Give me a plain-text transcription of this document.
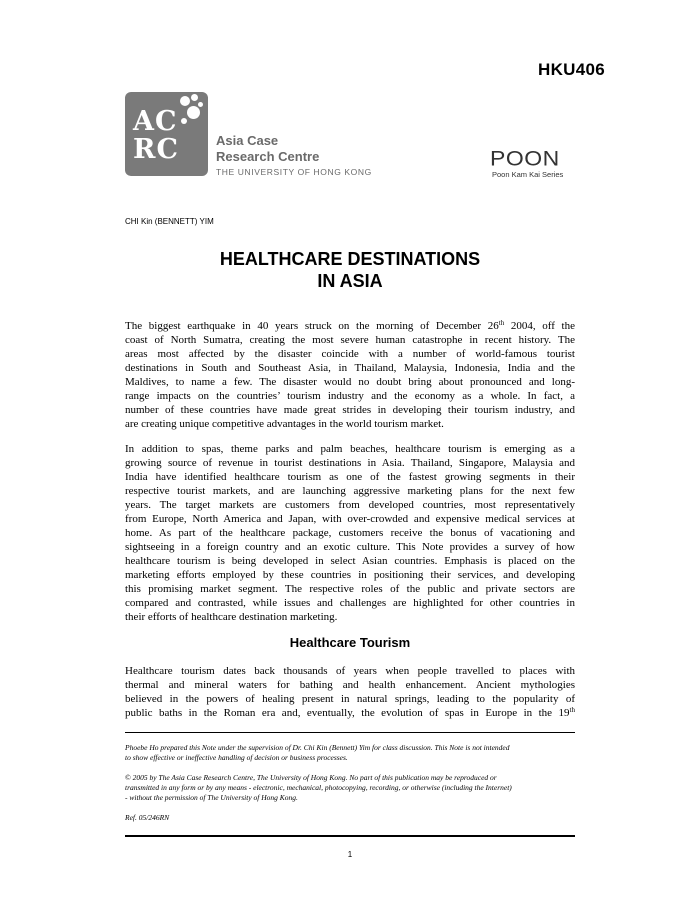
HKU406
AC
RC	Asia Case
Research Centre
THE UNIVERSITY OF HONG KONG
POON
Poon Kam Kai Series
CHI Kin (BENNETT) YIM
HEALTHCARE DESTINATIONS
IN ASIA
The biggest earthquake in 40 years struck on the morning of December 26th 2004, off the
coast of North Sumatra, creating the most severe human catastrophe in recent history. The
areas most affected by the disaster coincide with a number of world-famous tourist
destinations in South and Southeast Asia, in Thailand, Malaysia, Indonesia, India and the
Maldives, to name a few. The disaster would no doubt bring about pronounced and long-
range impacts on the countries’ tourism industry and the economy as a whole. In fact, a
number of these countries have made great strides in developing their tourism industry, and
are creating unique competitive advantages in the world tourism market.
In addition to spas, theme parks and palm beaches, healthcare tourism is emerging as a
growing source of revenue in tourist destinations in Asia. Thailand, Singapore, Malaysia and
India have identified healthcare tourism as one of the fastest growing segments in their
respective tourist markets, and are launching aggressive marketing plans for the next few
years. The target markets are customers from developed countries, most representatively
from Europe, North America and Japan, with over-crowded and expensive medical services at
home. As part of the healthcare package, customers receive the bonus of vacationing and
sightseeing in a foreign country and an exotic culture. This Note provides a survey of how
healthcare tourism is being developed in select Asian countries. Emphasis is placed on the
marketing efforts employed by these countries in positioning their services, and developing
this promising market segment. The respective roles of the public and private sectors are
compared and contrasted, while issues and challenges are highlighted for other countries in
their efforts of healthcare destination marketing.
Healthcare Tourism
Healthcare tourism dates back thousands of years when people travelled to places with
thermal and mineral waters for bathing and health enhancement. Ancient mythologies
believed in the powers of healing present in natural springs, leading to the popularity of
public baths in the Roman era and, eventually, the evolution of spas in Europe in the 19th
Phoebe Ho prepared this Note under the supervision of Dr. Chi Kin (Bennett) Yim for class discussion. This Note is not intended
to show effective or ineffective handling of decision or business processes.
© 2005 by The Asia Case Research Centre, The University of Hong Kong. No part of this publication may be reproduced or
transmitted in any form or by any means - electronic, mechanical, photocopying, recording, or otherwise (including the Internet)
- without the permission of The University of Hong Kong.
Ref. 05/246RN
1
